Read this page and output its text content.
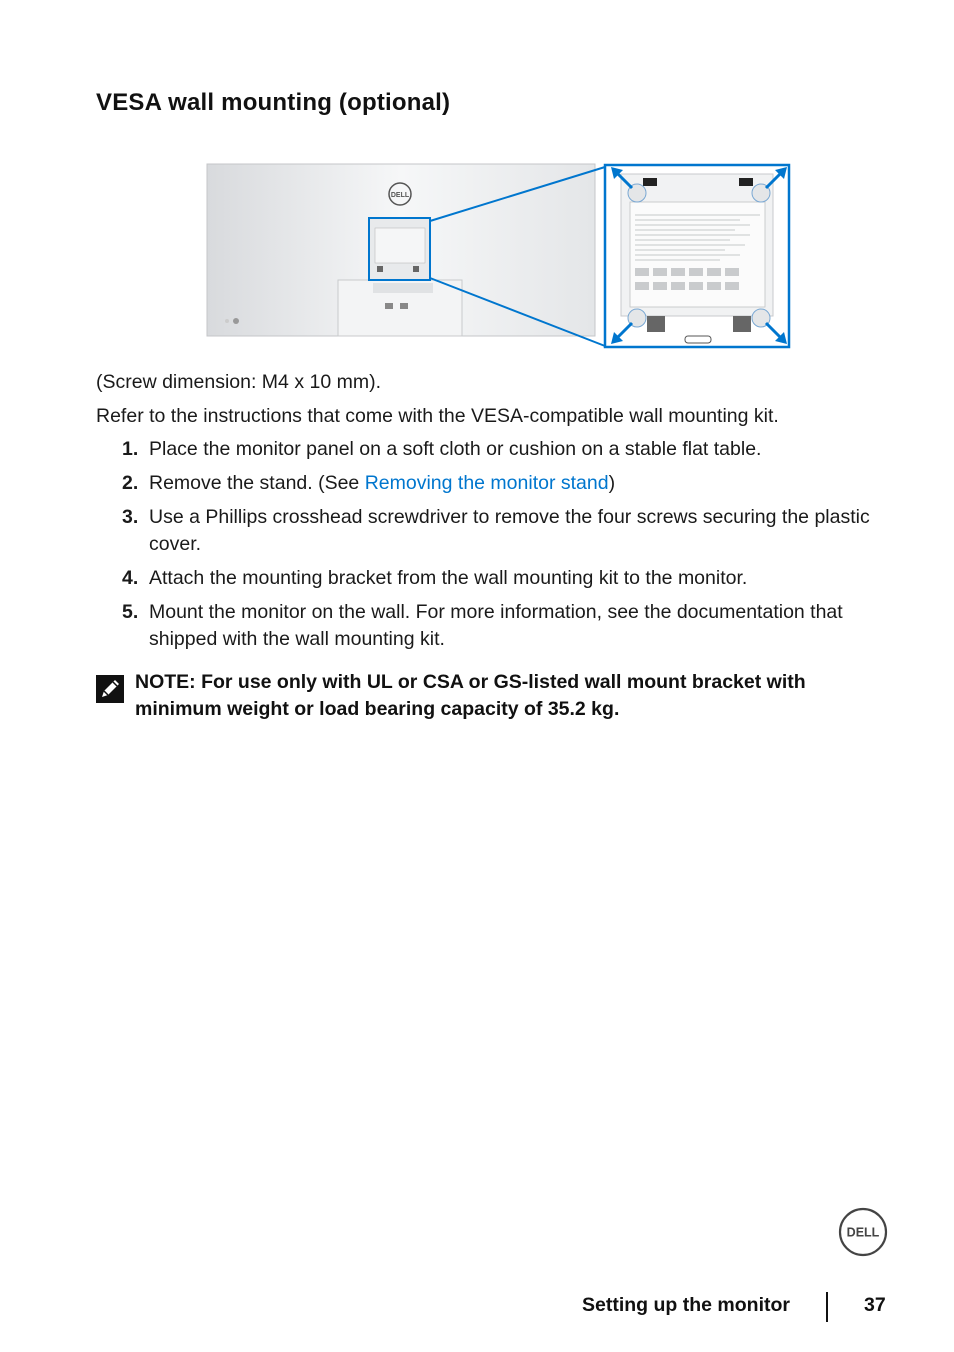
VESA wall mounting (optional)
DELL

(Screw dimension: M4 x 10 mm).

Refer to the instructions that come with the VESA-compatible wall mounting kit.

1. Place the monitor panel on a soft cloth or cushion on a stable flat table.
2. Remove the stand. (See Removing the monitor stand)
3. Use a Phillips crosshead screwdriver to remove the four screws securing the plastic cover.
4. Attach the mounting bracket from the wall mounting kit to the monitor.
5. Mount the monitor on the wall. For more information, see the documentation that shipped with the wall mounting kit.
NOTE: For use only with UL or CSA or GS-listed wall mount bracket with minimum weight or load bearing capacity of 35.2 kg.
DELL
Setting up the monitor	37
